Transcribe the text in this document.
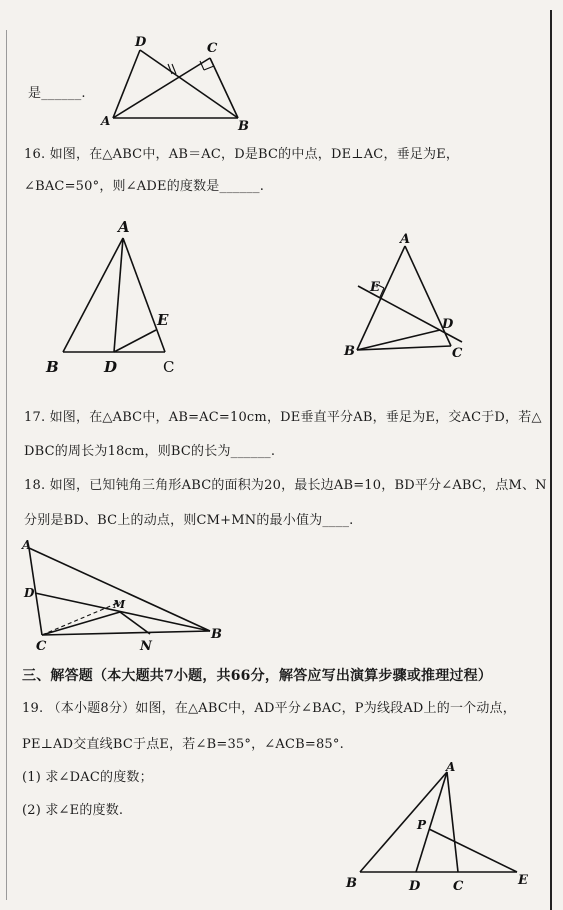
是______.
D	C
A	B
16. 如图，在△ABC中，AB＝AC，D是BC的中点，DE⊥AC，垂足为E，
∠BAC=50°，则∠ADE的度数是______.
A
E
B	D	C
A
E
D
B	C
17. 如图，在△ABC中，AB=AC=10cm，DE垂直平分AB，垂足为E，交AC于D，若△
DBC的周长为18cm，则BC的长为______.
18. 如图，已知钝角三角形ABC的面积为20，最长边AB=10，BD平分∠ABC，点M、N
分别是BD、BC上的动点，则CM+MN的最小值为____.
A
D
M
C	N
B
三、解答题（本大题共7小题，共66分，解答应写出演算步骤或推理过程）
19. （本小题8分）如图，在△ABC中，AD平分∠BAC，P为线段AD上的一个动点，
PE⊥AD交直线BC于点E，若∠B=35°，∠ACB=85°.
(1) 求∠DAC的度数；
(2) 求∠E的度数.
A
P
B	D	C	E
